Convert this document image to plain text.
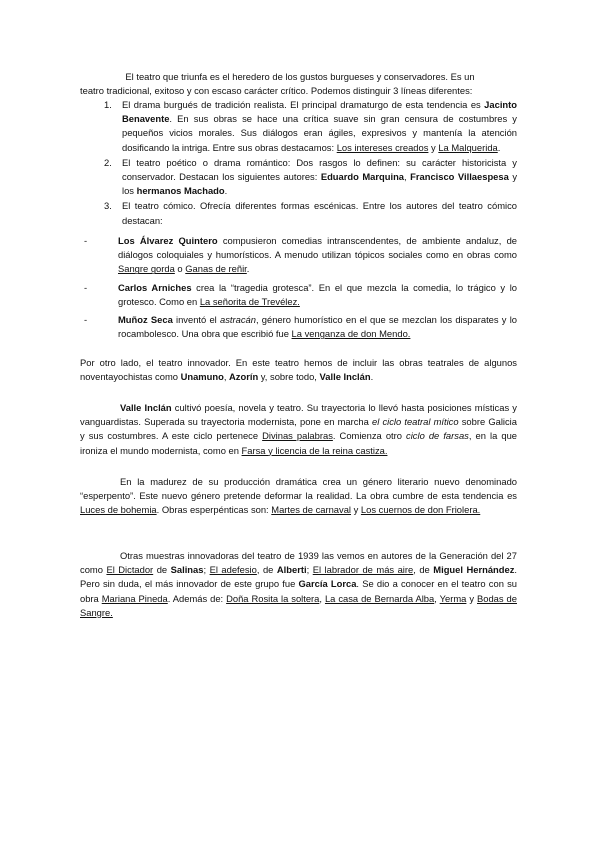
El teatro que triunfa es el heredero de los gustos burgueses y conservadores. Es un

teatro tradicional, exitoso y con escaso carácter crítico. Podemos distinguir 3 líneas diferentes:

1. El drama burgués de tradición realista. El principal dramaturgo de esta tendencia es Jacinto Benavente. En sus obras se hace una crítica suave sin gran censura de costumbres y pequeños vicios morales. Sus diálogos eran ágiles, expresivos y mantenía la atención dosificando la intriga. Entre sus obras destacamos: Los intereses creados y La Malquerida.

2. El teatro poético o drama romántico: Dos rasgos lo definen: su carácter historicista y conservador. Destacan los siguientes autores: Eduardo Marquina, Francisco Villaespesa y los hermanos Machado.

3. El teatro cómico. Ofrecía diferentes formas escénicas. Entre los autores del teatro cómico destacan:

-	Los Álvarez Quintero compusieron comedias intranscendentes, de ambiente andaluz, de diálogos coloquiales y humorísticos. A menudo utilizan tópicos sociales como en obras como Sangre gorda o Ganas de reñir.

-	Carlos Arniches crea la “tragedia grotesca”. En el que mezcla la comedia, lo trágico y lo grotesco. Como en La señorita de Trevélez.

-	Muñoz Seca inventó el astracán, género humorístico en el que se mezclan los disparates y lo rocambolesco. Una obra que escribió fue La venganza de don Mendo.

Por otro lado, el teatro innovador. En este teatro hemos de incluir las obras teatrales de algunos noventayochistas como Unamuno, Azorín y, sobre todo, Valle Inclán.

Valle Inclán cultivó poesía, novela y teatro. Su trayectoria lo llevó hasta posiciones místicas y vanguardistas. Superada su trayectoria modernista, pone en marcha el ciclo teatral mítico sobre Galicia y sus costumbres. A este ciclo pertenece Divinas palabras. Comienza otro ciclo de farsas, en la que ironiza el mundo modernista, como en Farsa y licencia de la reina castiza.

En la madurez de su producción dramática crea un género literario nuevo denominado “esperpento”. Este nuevo género pretende deformar la realidad. La obra cumbre de esta tendencia es Luces de bohemia. Obras esperpénticas son: Martes de carnaval y Los cuernos de don Friolera.

Otras muestras innovadoras del teatro de 1939 las vemos en autores de la Generación del 27 como El Dictador de Salinas; El adefesio, de Alberti; El labrador de más aire, de Miguel Hernández. Pero sin duda, el más innovador de este grupo fue García Lorca. Se dio a conocer en el teatro con su obra Mariana Pineda. Además de: Doña Rosita la soltera, La casa de Bernarda Alba, Yerma y Bodas de Sangre.
